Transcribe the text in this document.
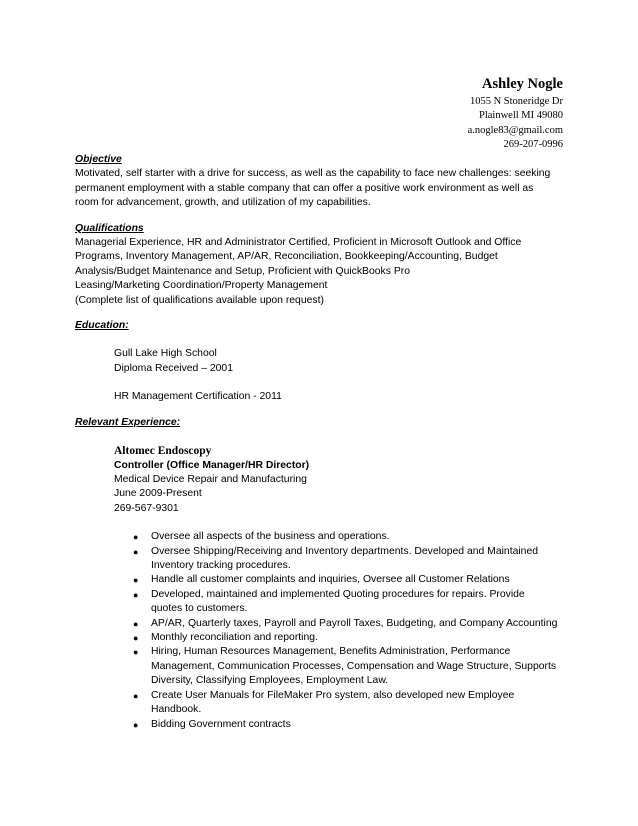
Ashley Nogle
1055 N Stoneridge Dr
Plainwell MI 49080
a.nogle83@gmail.com
269-207-0996
Objective
Motivated, self starter with a drive for success, as well as the capability to face new challenges: seeking
permanent employment with a stable company that can offer a positive work environment as well as
room for advancement, growth, and utilization of my capabilities.
Qualifications
Managerial Experience, HR and Administrator Certified, Proficient in Microsoft Outlook and Office
Programs, Inventory Management, AP/AR, Reconciliation, Bookkeeping/Accounting, Budget
Analysis/Budget Maintenance and Setup, Proficient with QuickBooks Pro
Leasing/Marketing Coordination/Property Management
(Complete list of qualifications available upon request)
Education:
Gull Lake High School
Diploma Received – 2001
HR Management Certification - 2011
Relevant Experience:
Altomec Endoscopy
Controller (Office Manager/HR Director)
Medical Device Repair and Manufacturing
June 2009-Present
269-567-9301
● Oversee all aspects of the business and operations.
● Oversee Shipping/Receiving and Inventory departments. Developed and Maintained
Inventory tracking procedures.
● Handle all customer complaints and inquiries, Oversee all Customer Relations
● Developed, maintained and implemented Quoting procedures for repairs. Provide
quotes to customers.
● AP/AR, Quarterly taxes, Payroll and Payroll Taxes, Budgeting, and Company Accounting
● Monthly reconciliation and reporting.
● Hiring, Human Resources Management, Benefits Administration, Performance
Management, Communication Processes, Compensation and Wage Structure, Supports
Diversity, Classifying Employees, Employment Law.
● Create User Manuals for FileMaker Pro system, also developed new Employee
Handbook.
● Bidding Government contracts
